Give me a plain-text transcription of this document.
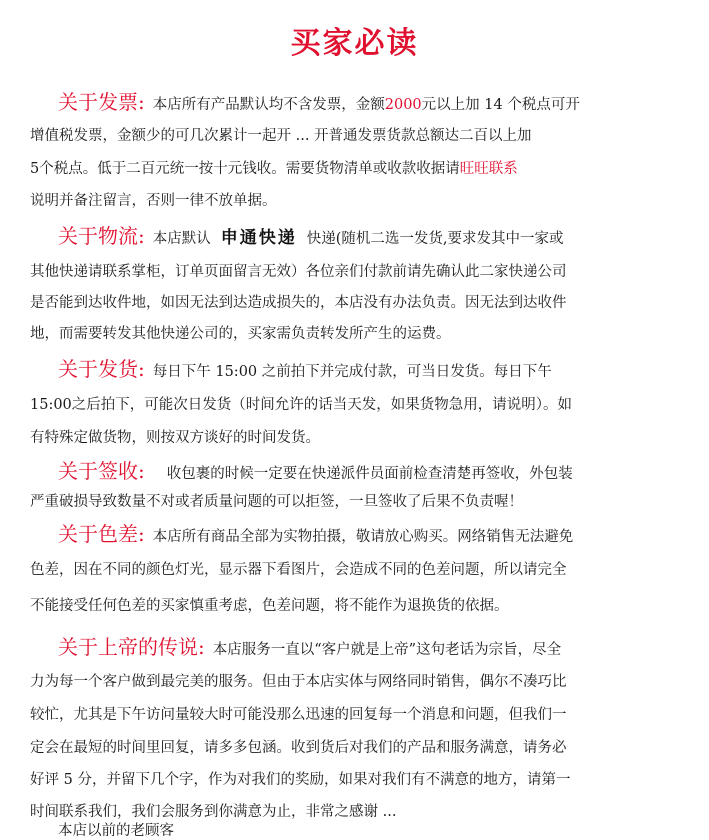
买家必读
关于发票: 本店所有产品默认均不含发票，金额2000元以上加 14 个税点可开
增值税发票，金额少的可几次累计一起开 ... 开普通发票货款总额达二百以上加
5个税点。低于二百元统一按十元钱收。需要货物清单或收款收据请旺旺联系
说明并备注留言，否则一律不放单据。
关于物流: 本店默认 申通快递 快递(随机二选一发货,要求发其中一家或
其他快递请联系掌柜，订单页面留言无效）各位亲们付款前请先确认此二家快递公司
是否能到达收件地，如因无法到达造成损失的，本店没有办法负责。因无法到达收件
地，而需要转发其他快递公司的，买家需负责转发所产生的运费。
关于发货: 每日下午 15:00 之前拍下并完成付款，可当日发货。每日下午
15:00之后拍下，可能次日发货（时间允许的话当天发，如果货物急用，请说明）。如
有特殊定做货物，则按双方谈好的时间发货。
关于签收: 收包裹的时候一定要在快递派件员面前检查清楚再签收，外包装
严重破损导致数量不对或者质量问题的可以拒签，一旦签收了后果不负责喔！
关于色差: 本店所有商品全部为实物拍摄，敬请放心购买。网络销售无法避免
色差，因在不同的颜色灯光，显示器下看图片，会造成不同的色差问题，所以请完全
不能接受任何色差的买家慎重考虑，色差问题，将不能作为退换货的依据。
关于上帝的传说: 本店服务一直以“客户就是上帝”这句老话为宗旨，尽全
力为每一个客户做到最完美的服务。但由于本店实体与网络同时销售，偶尔不凑巧比
较忙，尤其是下午访问量较大时可能没那么迅速的回复每一个消息和问题，但我们一
定会在最短的时间里回复，请多多包涵。收到货后对我们的产品和服务满意，请务必
好评 5 分，并留下几个字，作为对我们的奖励，如果对我们有不满意的地方，请第一
时间联系我们，我们会服务到你满意为止，非常之感谢 ...
本店以前的老顾客
